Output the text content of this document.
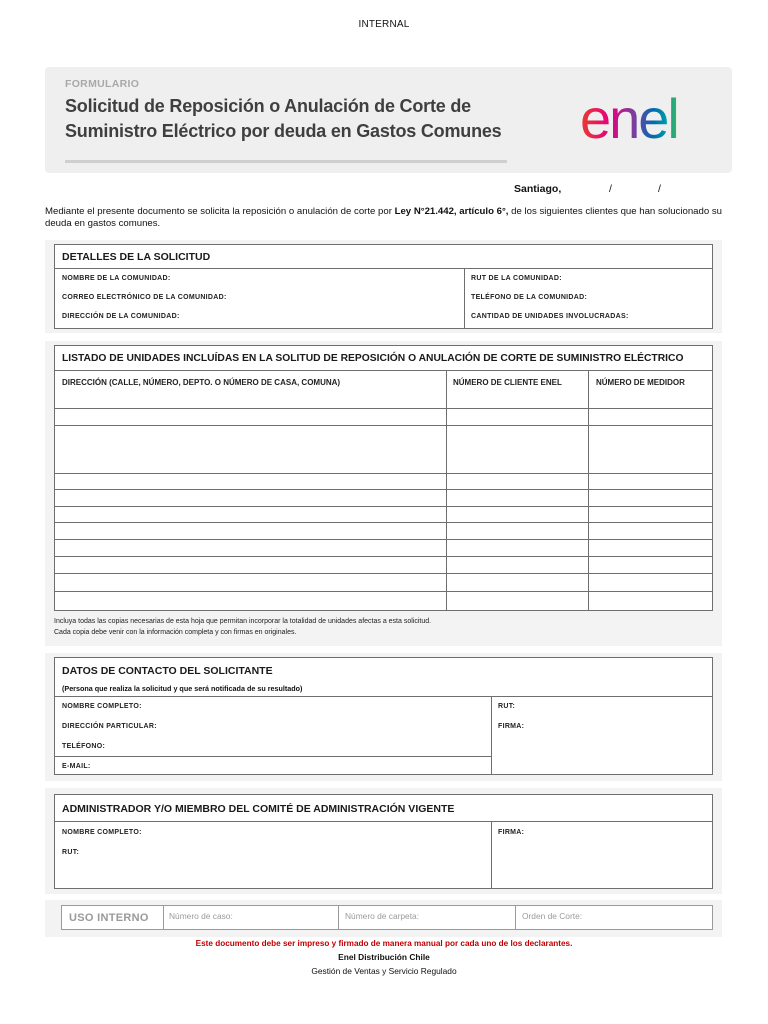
INTERNAL
FORMULARIO
Solicitud de Reposición o Anulación de Corte de
Suministro Eléctrico por deuda en Gastos Comunes enel
Santiago,	/	/
Mediante el presente documento se solicita la reposición o anulación de corte por Ley N°21.442, artículo 6°, de los siguientes clientes que han solucionado su deuda en gastos comunes.
DETALLES DE LA SOLICITUD
NOMBRE DE LA COMUNIDAD:
CORREO ELECTRÓNICO DE LA COMUNIDAD:
DIRECCIÓN DE LA COMUNIDAD:
RUT DE LA COMUNIDAD:
TELÉFONO DE LA COMUNIDAD:
CANTIDAD DE UNIDADES INVOLUCRADAS:
LISTADO DE UNIDADES INCLUÍDAS EN LA SOLITUD DE REPOSICIÓN O ANULACIÓN DE CORTE DE SUMINISTRO ELÉCTRICO
DIRECCIÓN (CALLE, NÚMERO, DEPTO. O NÚMERO DE CASA, COMUNA)	NÚMERO DE CLIENTE ENEL	NÚMERO DE MEDIDOR
Incluya todas las copias necesarias de esta hoja que permitan incorporar la totalidad de unidades afectas a esta solicitud.
Cada copia debe venir con la información completa y con firmas en originales.
DATOS DE CONTACTO DEL SOLICITANTE
(Persona que realiza la solicitud y que será notificada de su resultado)
NOMBRE COMPLETO:
DIRECCIÓN PARTICULAR:
TELÉFONO:
E-MAIL:
RUT:
FIRMA:
ADMINISTRADOR Y/O MIEMBRO DEL COMITÉ DE ADMINISTRACIÓN VIGENTE
NOMBRE COMPLETO:
RUT:
FIRMA:
USO INTERNO Número de caso:	Número de carpeta:	Orden de Corte:
Este documento debe ser impreso y firmado de manera manual por cada uno de los declarantes.
Enel Distribución Chile
Gestión de Ventas y Servicio Regulado
